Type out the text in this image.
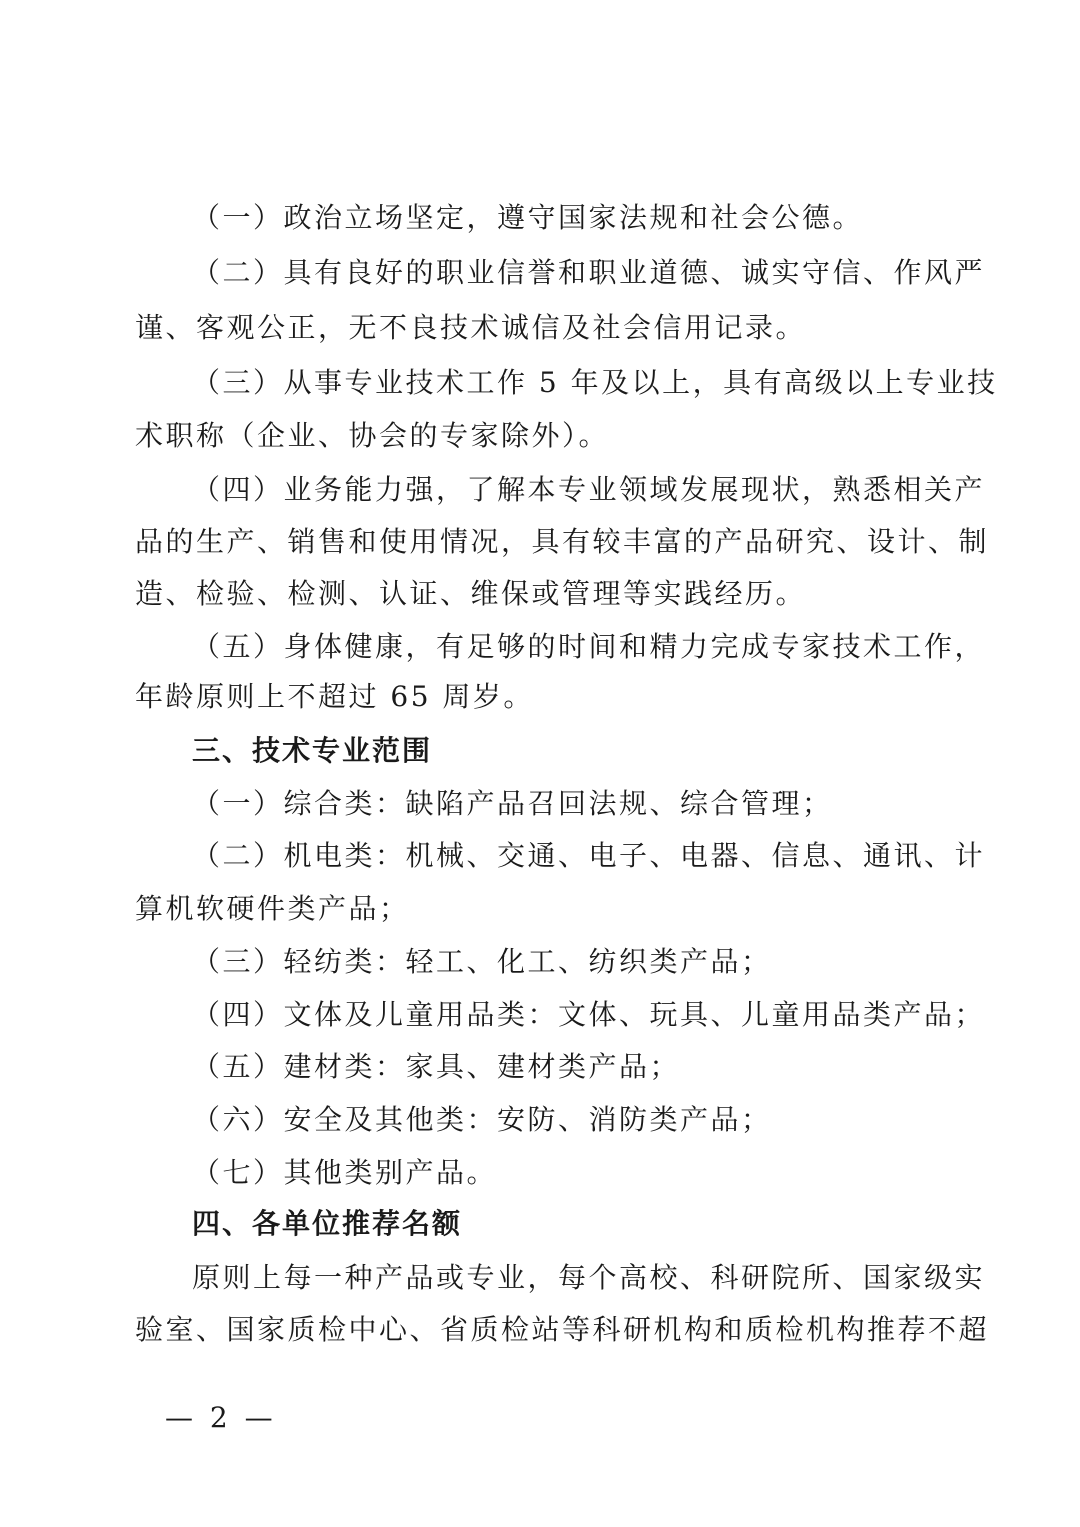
（一）政治立场坚定，遵守国家法规和社会公德。
（二）具有良好的职业信誉和职业道德、诚实守信、作风严
谨、客观公正，无不良技术诚信及社会信用记录。
（三）从事专业技术工作 5 年及以上，具有高级以上专业技
术职称（企业、协会的专家除外）。
（四）业务能力强，了解本专业领域发展现状，熟悉相关产
品的生产、销售和使用情况，具有较丰富的产品研究、设计、制
造、检验、检测、认证、维保或管理等实践经历。
（五）身体健康，有足够的时间和精力完成专家技术工作，
年龄原则上不超过 65 周岁。
三、技术专业范围
（一）综合类：缺陷产品召回法规、综合管理；
（二）机电类：机械、交通、电子、电器、信息、通讯、计
算机软硬件类产品；
（三）轻纺类：轻工、化工、纺织类产品；
（四）文体及儿童用品类：文体、玩具、儿童用品类产品；
（五）建材类：家具、建材类产品；
（六）安全及其他类：安防、消防类产品；
（七）其他类别产品。
四、各单位推荐名额
原则上每一种产品或专业，每个高校、科研院所、国家级实
验室、国家质检中心、省质检站等科研机构和质检机构推荐不超
— 2 —
